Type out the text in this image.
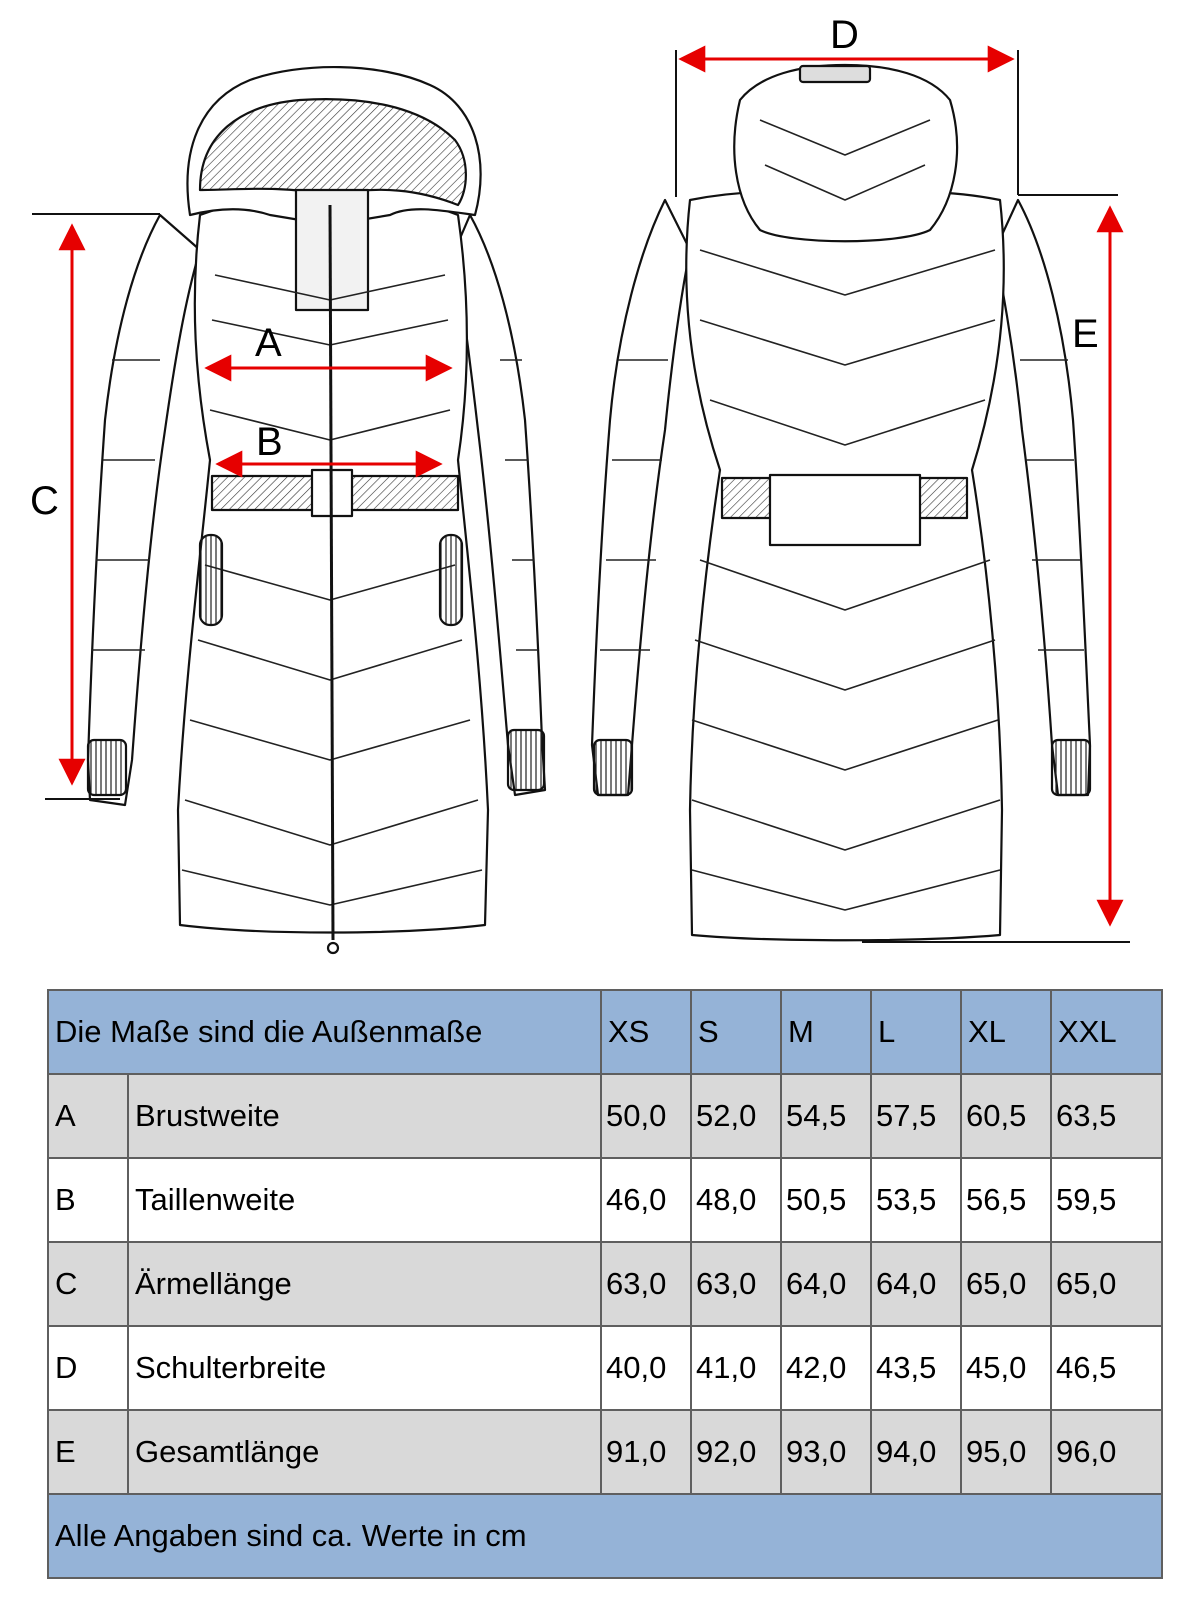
A
B
C
D
E
Die Maße sind die Außenmaße		XS	S	M	L	XL	XXL
A	Brustweite	50,0	52,0	54,5	57,5	60,5	63,5
B	Taillenweite	46,0	48,0	50,5	53,5	56,5	59,5
C	Ärmellänge	63,0	63,0	64,0	64,0	65,0	65,0
D	Schulterbreite	40,0	41,0	42,0	43,5	45,0	46,5
E	Gesamtlänge	91,0	92,0	93,0	94,0	95,0	96,0
Alle Angaben sind ca. Werte in cm							
